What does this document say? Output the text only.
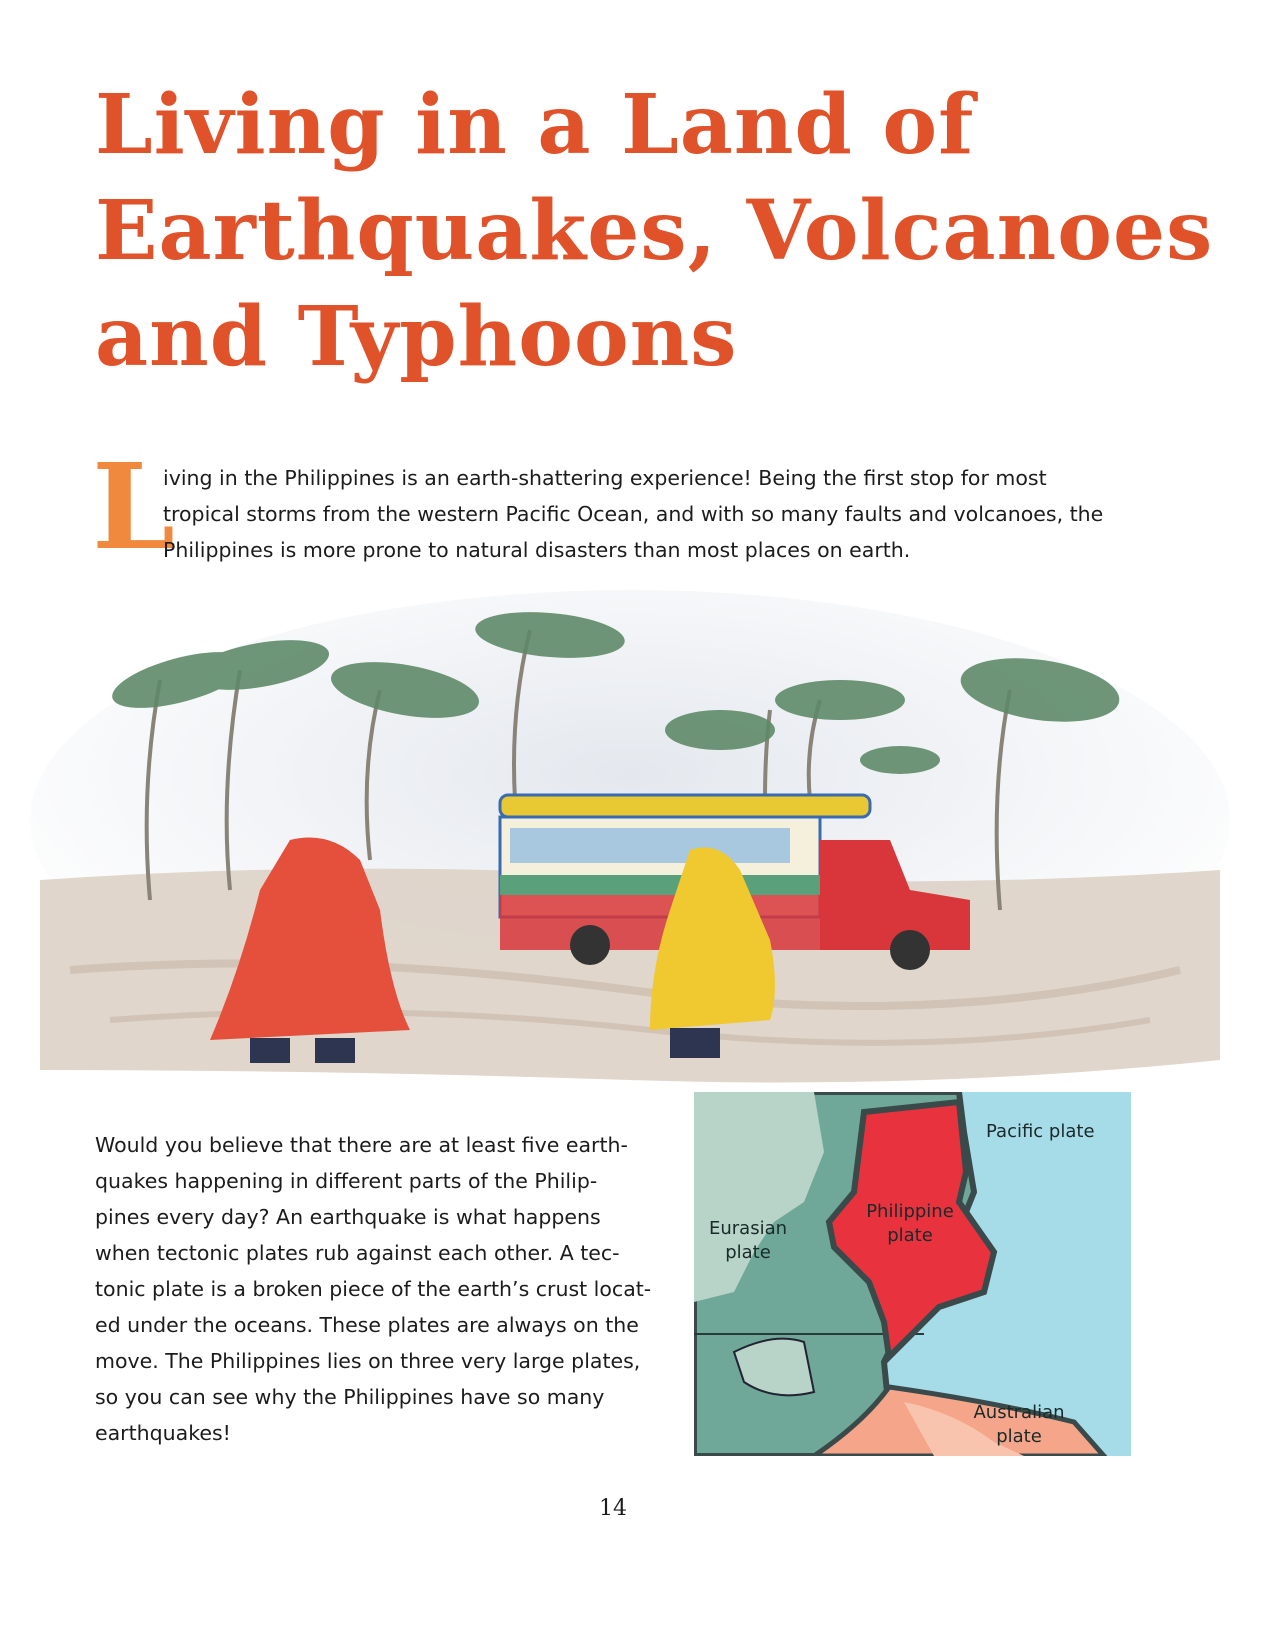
Living in a Land of
Earthquakes, Volcanoes
and Typhoons
L
iving in the Philippines is an earth-shattering experience! Being the first stop for most
tropical storms from the western Pacific Ocean, and with so many faults and volcanoes, the
Philippines is more prone to natural disasters than most places on earth.
Would you believe that there are at least five earth-
quakes happening in different parts of the Philip-
pines every day? An earthquake is what happens
when tectonic plates rub against each other. A tec-
tonic plate is a broken piece of the earth’s crust locat-
ed under the oceans. These plates are always on the
move. The Philippines lies on three very large plates,
so you can see why the Philippines have so many
earthquakes!
Pacific plate
Philippine
plate
Eurasian
plate
Australian
plate
14
